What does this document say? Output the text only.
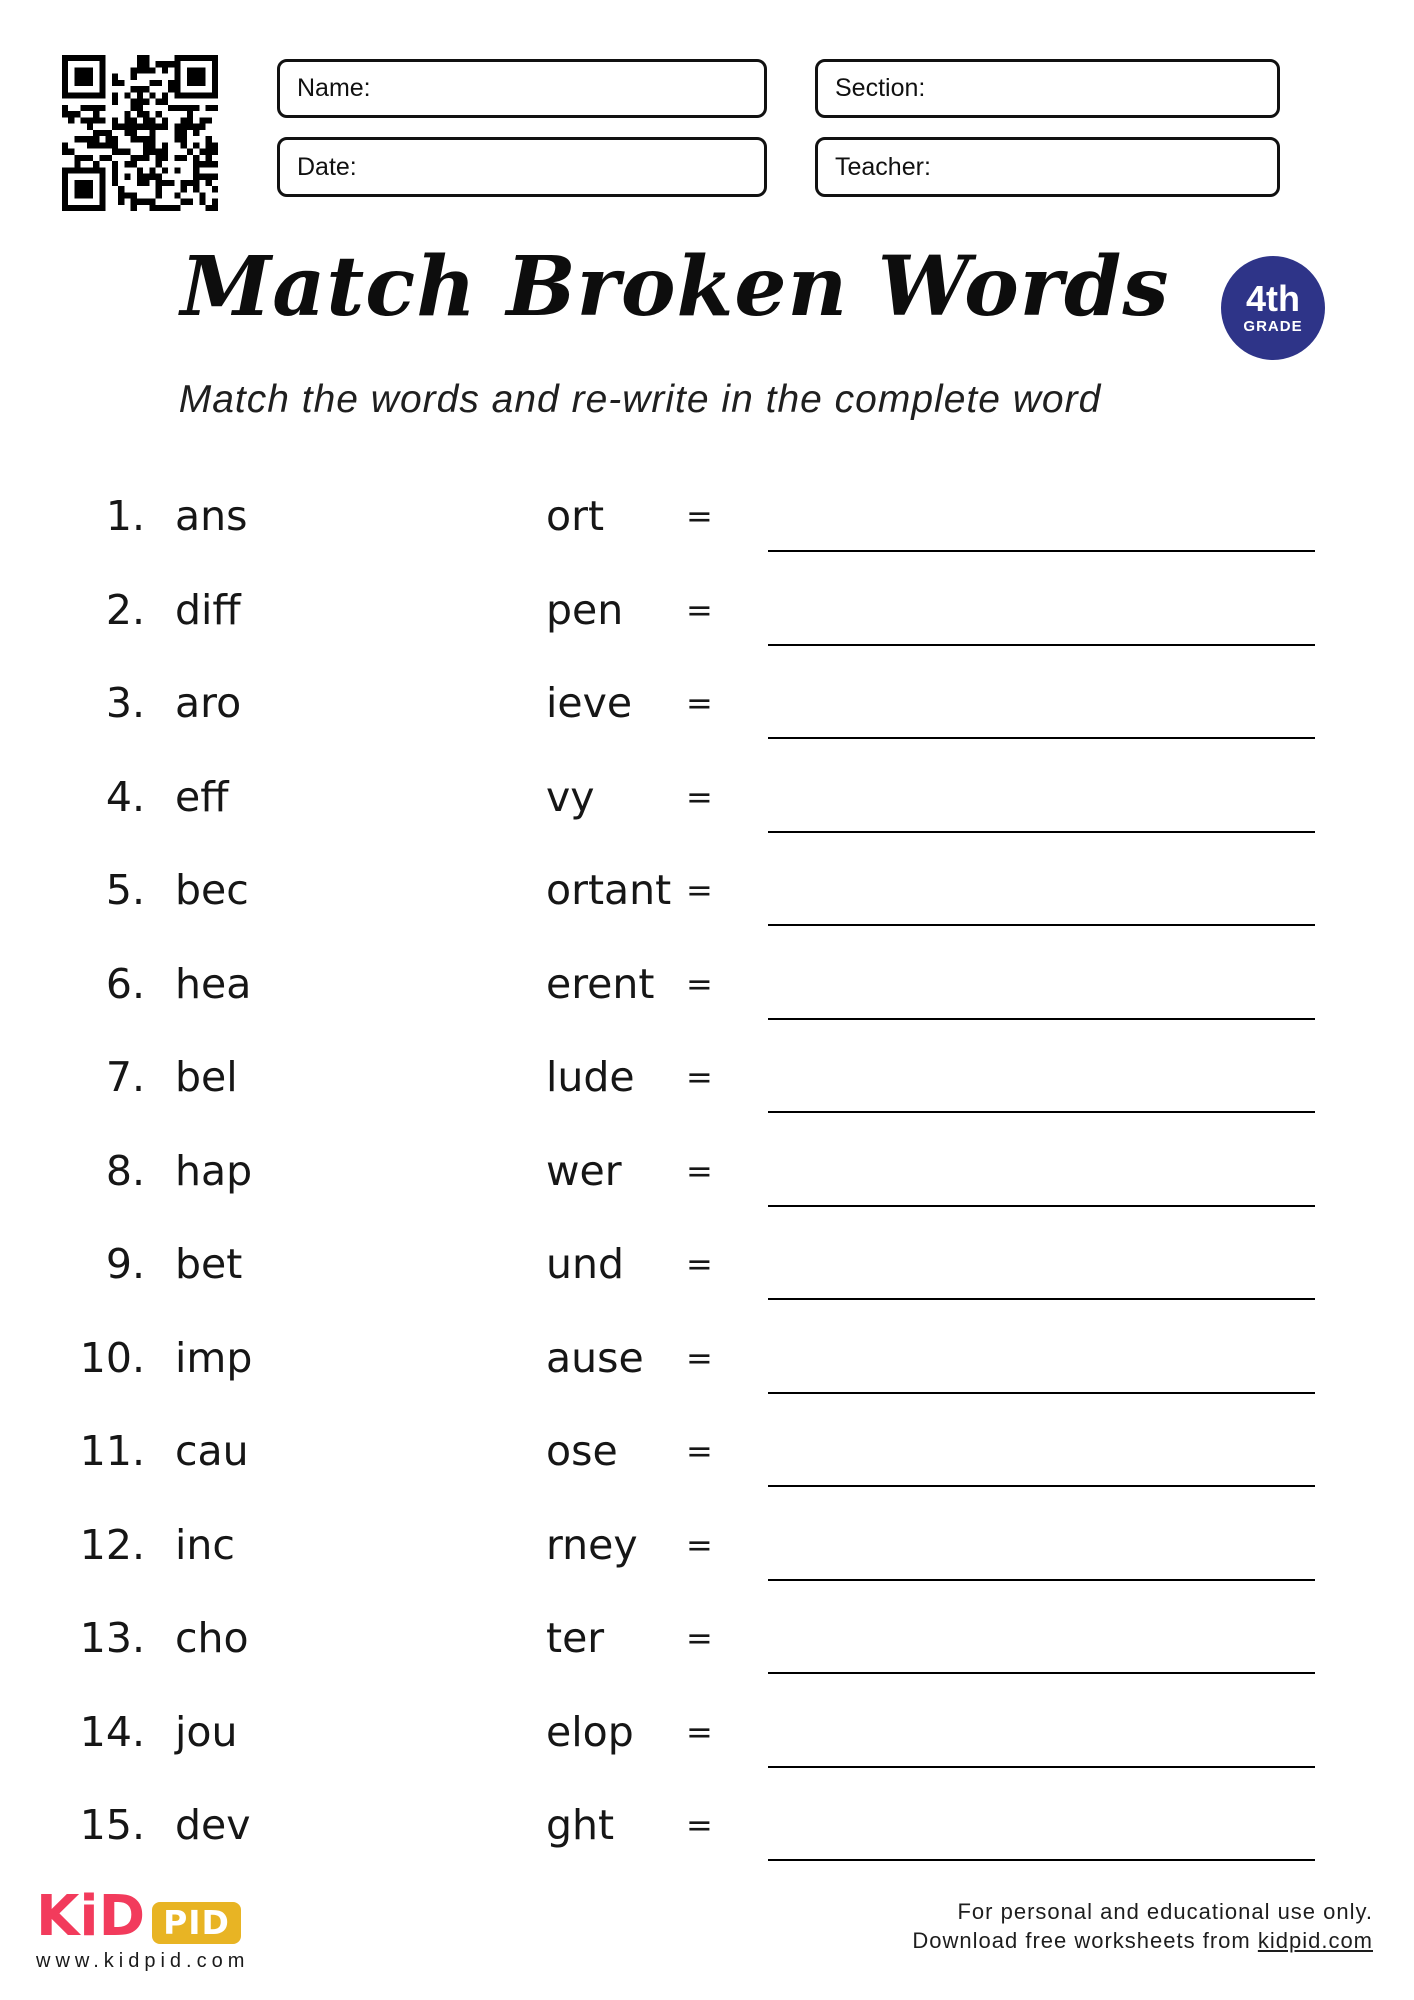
Name:
Date:
Section:
Teacher:
Match Broken Words	4th
GRADE
Match the words and re-write in the complete word
1. ans	ort	=
2. diff	pen =
3. aro	ieve =
4. eff	vy	=
5. bec	ortant =
6. hea	erent =
7. bel	lude =
8. hap	wer =
9. bet	und =
10. imp	ause =
11. cau	ose =
12. inc	rney =
13. cho	ter	=
14. jou	elop =
15. dev	ght =
KiD PID
www.kidpid.com
For personal and educational use only.
Download free worksheets from kidpid.com
